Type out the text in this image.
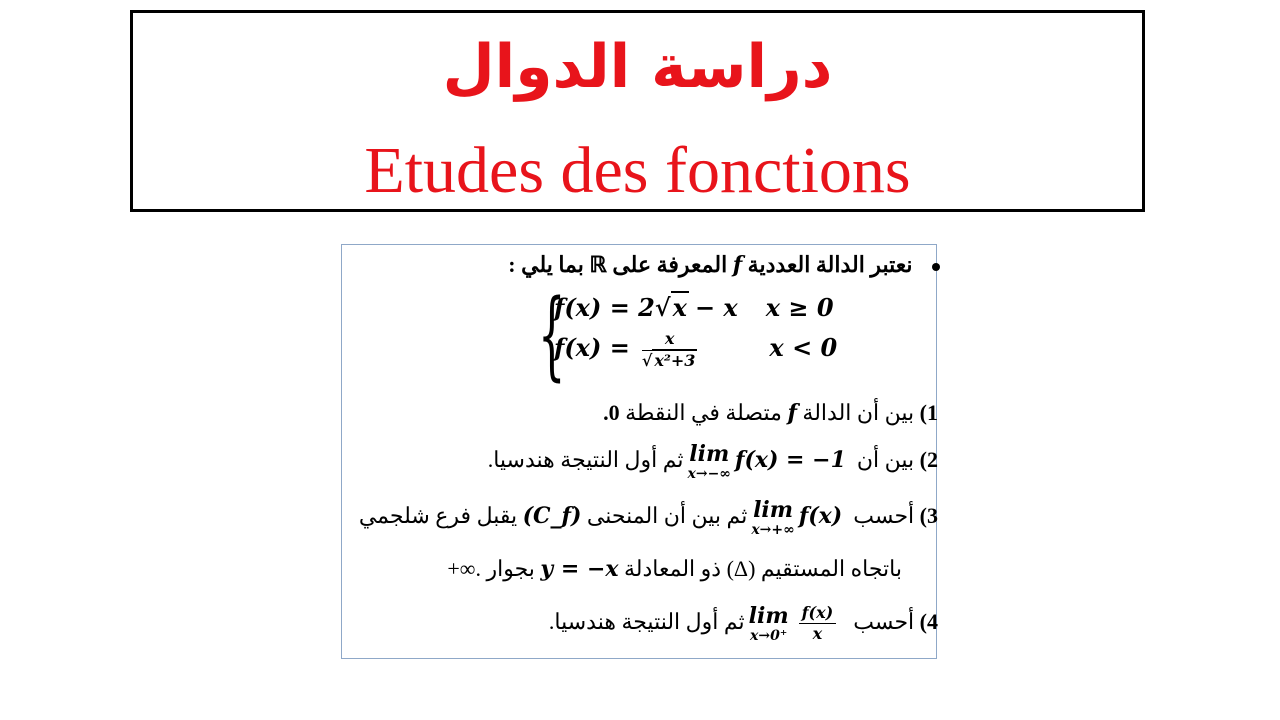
دراسة الدوال
Etudes des fonctions
نعتبر الدالة العددية f المعرفة على ℝ بما يلي :
{
f(x) = 2√x − x x ≥ 0
$f(x) = \frac{x}{\text{√ x²+3}}$	x < 0
1) بين أن الدالة f متصلة في النقطة 0.
2) بين أن
lim
x→−∞
f(x) = −1 ثم أول النتيجة هندسيا.
3) أحسب
lim
x→+∞
f(x) ثم بين أن المنحنى (C_f) يقبل فرع شلجمي
باتجاه المستقيم (Δ) ذو المعادلة y = −x بجوار +∞.
4) أحسب
lim
$x\to 0^+ \frac{f(x)}{x}$
ثم أول النتيجة هندسيا.
